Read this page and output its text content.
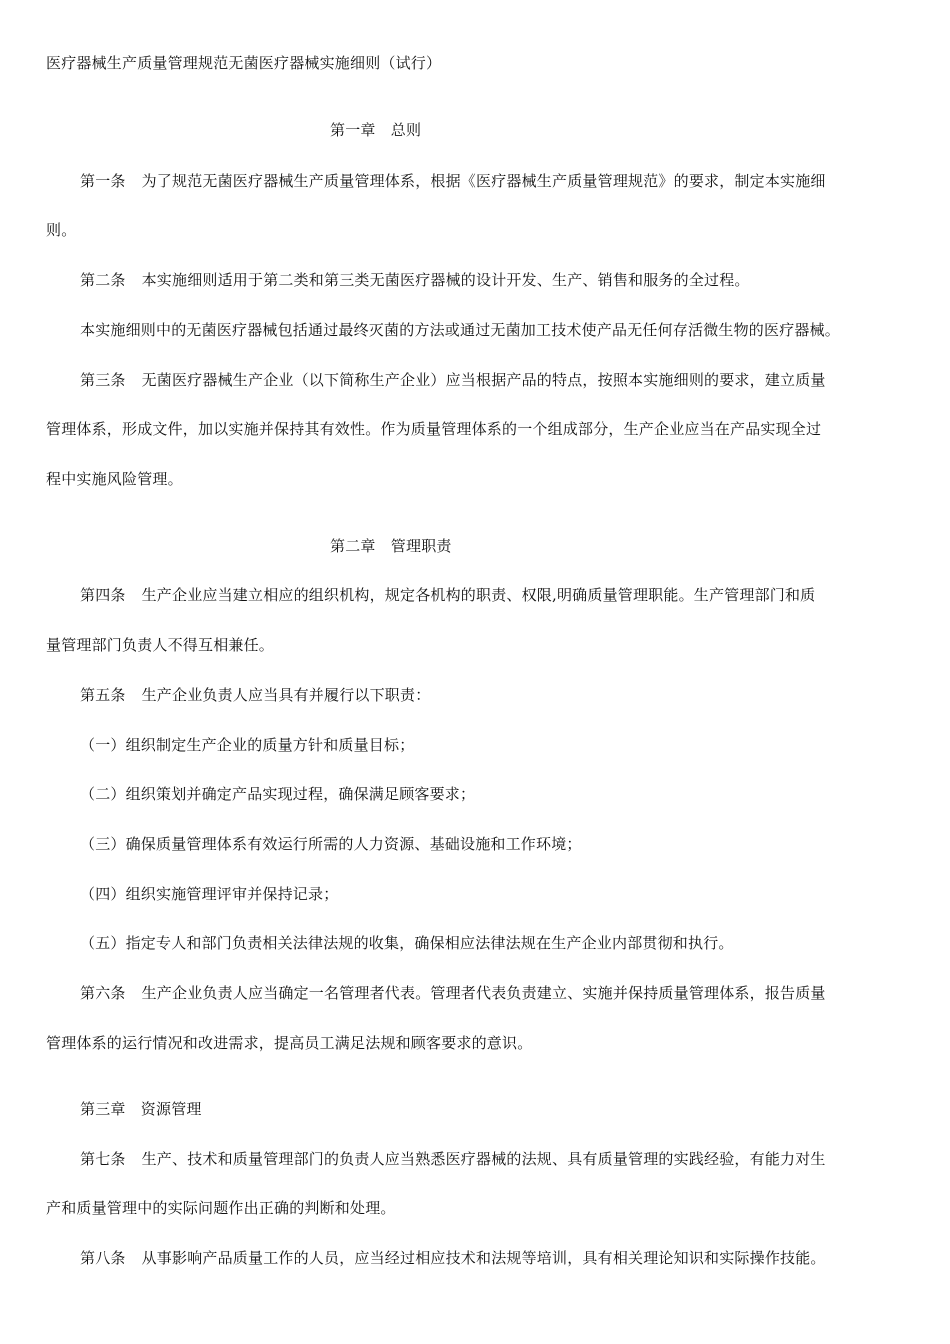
医疗器械生产质量管理规范无菌医疗器械实施细则（试行）
第一章　总则
第一条 为了规范无菌医疗器械生产质量管理体系，根据《医疗器械生产质量管理规范》的要求，制定本实施细
则。
第二条 本实施细则适用于第二类和第三类无菌医疗器械的设计开发、生产、销售和服务的全过程。
本实施细则中的无菌医疗器械包括通过最终灭菌的方法或通过无菌加工技术使产品无任何存活微生物的医疗器械。
第三条 无菌医疗器械生产企业（以下简称生产企业）应当根据产品的特点，按照本实施细则的要求，建立质量
管理体系，形成文件，加以实施并保持其有效性。作为质量管理体系的一个组成部分，生产企业应当在产品实现全过
程中实施风险管理。
第二章　管理职责
第四条 生产企业应当建立相应的组织机构，规定各机构的职责、权限,明确质量管理职能。生产管理部门和质
量管理部门负责人不得互相兼任。
第五条 生产企业负责人应当具有并履行以下职责：
（一）组织制定生产企业的质量方针和质量目标；
（二）组织策划并确定产品实现过程，确保满足顾客要求；
（三）确保质量管理体系有效运行所需的人力资源、基础设施和工作环境；
（四）组织实施管理评审并保持记录；
（五）指定专人和部门负责相关法律法规的收集，确保相应法律法规在生产企业内部贯彻和执行。
第六条 生产企业负责人应当确定一名管理者代表。管理者代表负责建立、实施并保持质量管理体系，报告质量
管理体系的运行情况和改进需求，提高员工满足法规和顾客要求的意识。
第三章　资源管理
第七条 生产、技术和质量管理部门的负责人应当熟悉医疗器械的法规、具有质量管理的实践经验，有能力对生
产和质量管理中的实际问题作出正确的判断和处理。
第八条 从事影响产品质量工作的人员，应当经过相应技术和法规等培训，具有相关理论知识和实际操作技能。
